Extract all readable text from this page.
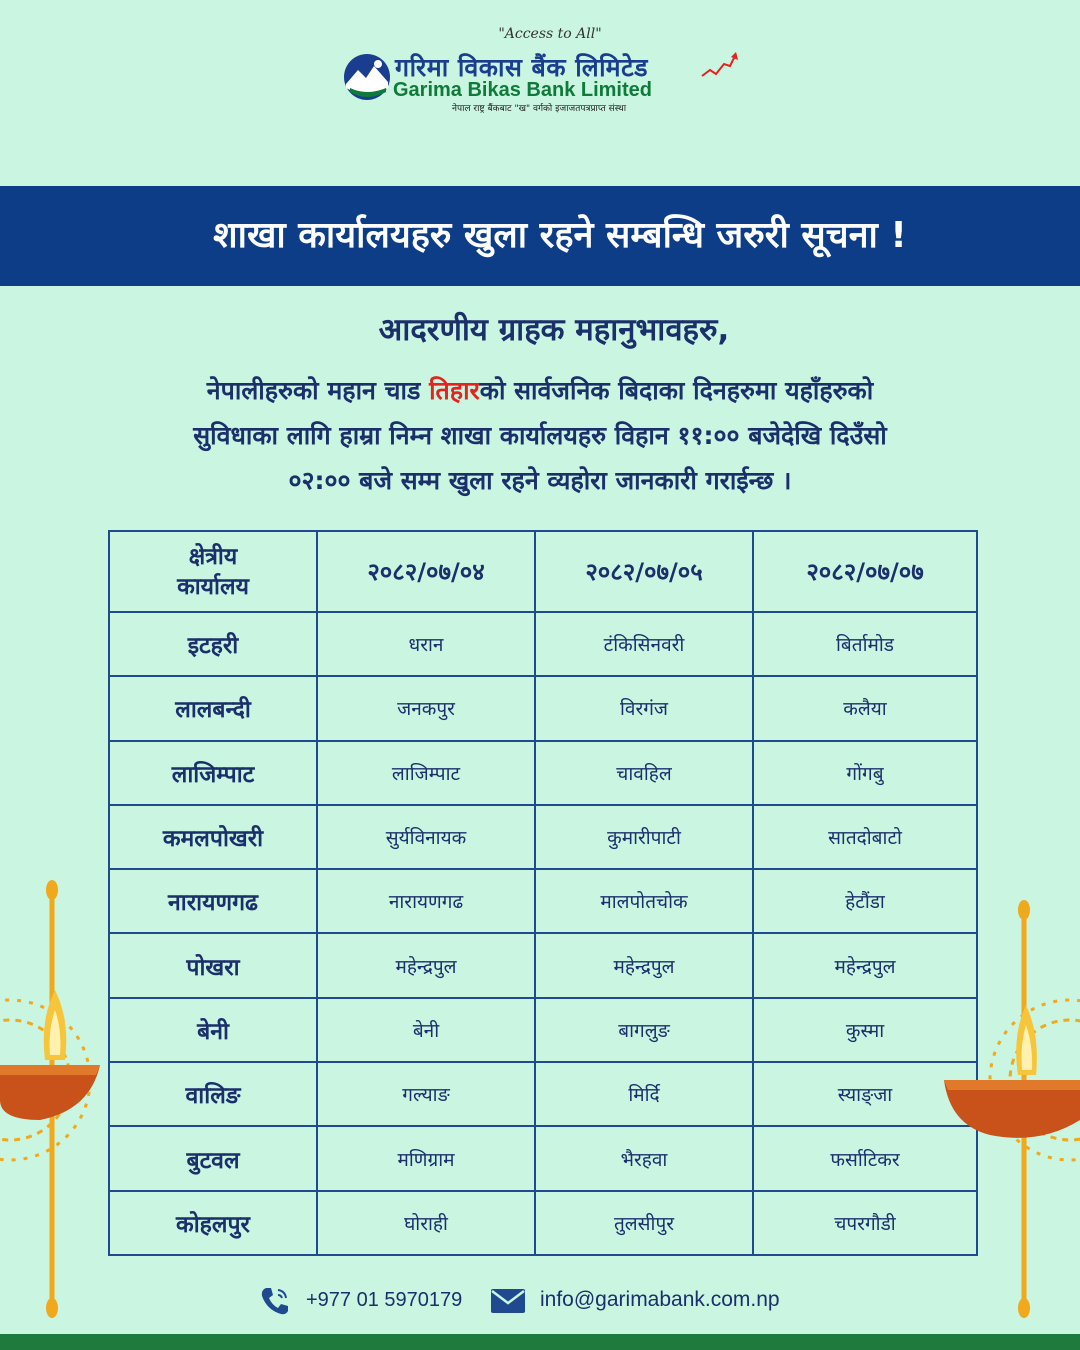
"Access to All"
गरिमा विकास बैंक लिमिटेड
Garima Bikas Bank Limited
नेपाल राष्ट्र बैंकबाट "ख" वर्गको इजाजतपत्रप्राप्त संस्था
शाखा कार्यालयहरु खुला रहने सम्बन्धि जरुरी सूचना !
आदरणीय ग्राहक महानुभावहरु,
नेपालीहरुको महान चाड तिहारको सार्वजनिक बिदाका दिनहरुमा यहाँहरुको
सुविधाका लागि हाम्रा निम्न शाखा कार्यालयहरु विहान ११:०० बजेदेखि दिउँसो
०२:०० बजे सम्म खुला रहने व्यहोरा जानकारी गराईन्छ ।
क्षेत्रीय
कार्यालय	२०८२/०७/०४	२०८२/०७/०५	२०८२/०७/०७
इटहरी	धरान	टंकिसिनवरी	बिर्तामोड
लालबन्दी	जनकपुर	विरगंज	कलैया
लाजिम्पाट	लाजिम्पाट	चावहिल	गोंगबु
कमलपोखरी	सुर्यविनायक	कुमारीपाटी	सातदोबाटो
नारायणगढ	नारायणगढ	मालपोतचोक	हेटौंडा
पोखरा	महेन्द्रपुल	महेन्द्रपुल	महेन्द्रपुल
बेनी	बेनी	बागलुङ	कुस्मा
वालिङ	गल्याङ	मिर्दि	स्याङ्जा
बुटवल	मणिग्राम	भैरहवा	फर्साटिकर
कोहलपुर	घोराही	तुलसीपुर	चपरगौडी
+977 01 5970179	info@garimabank.com.np
